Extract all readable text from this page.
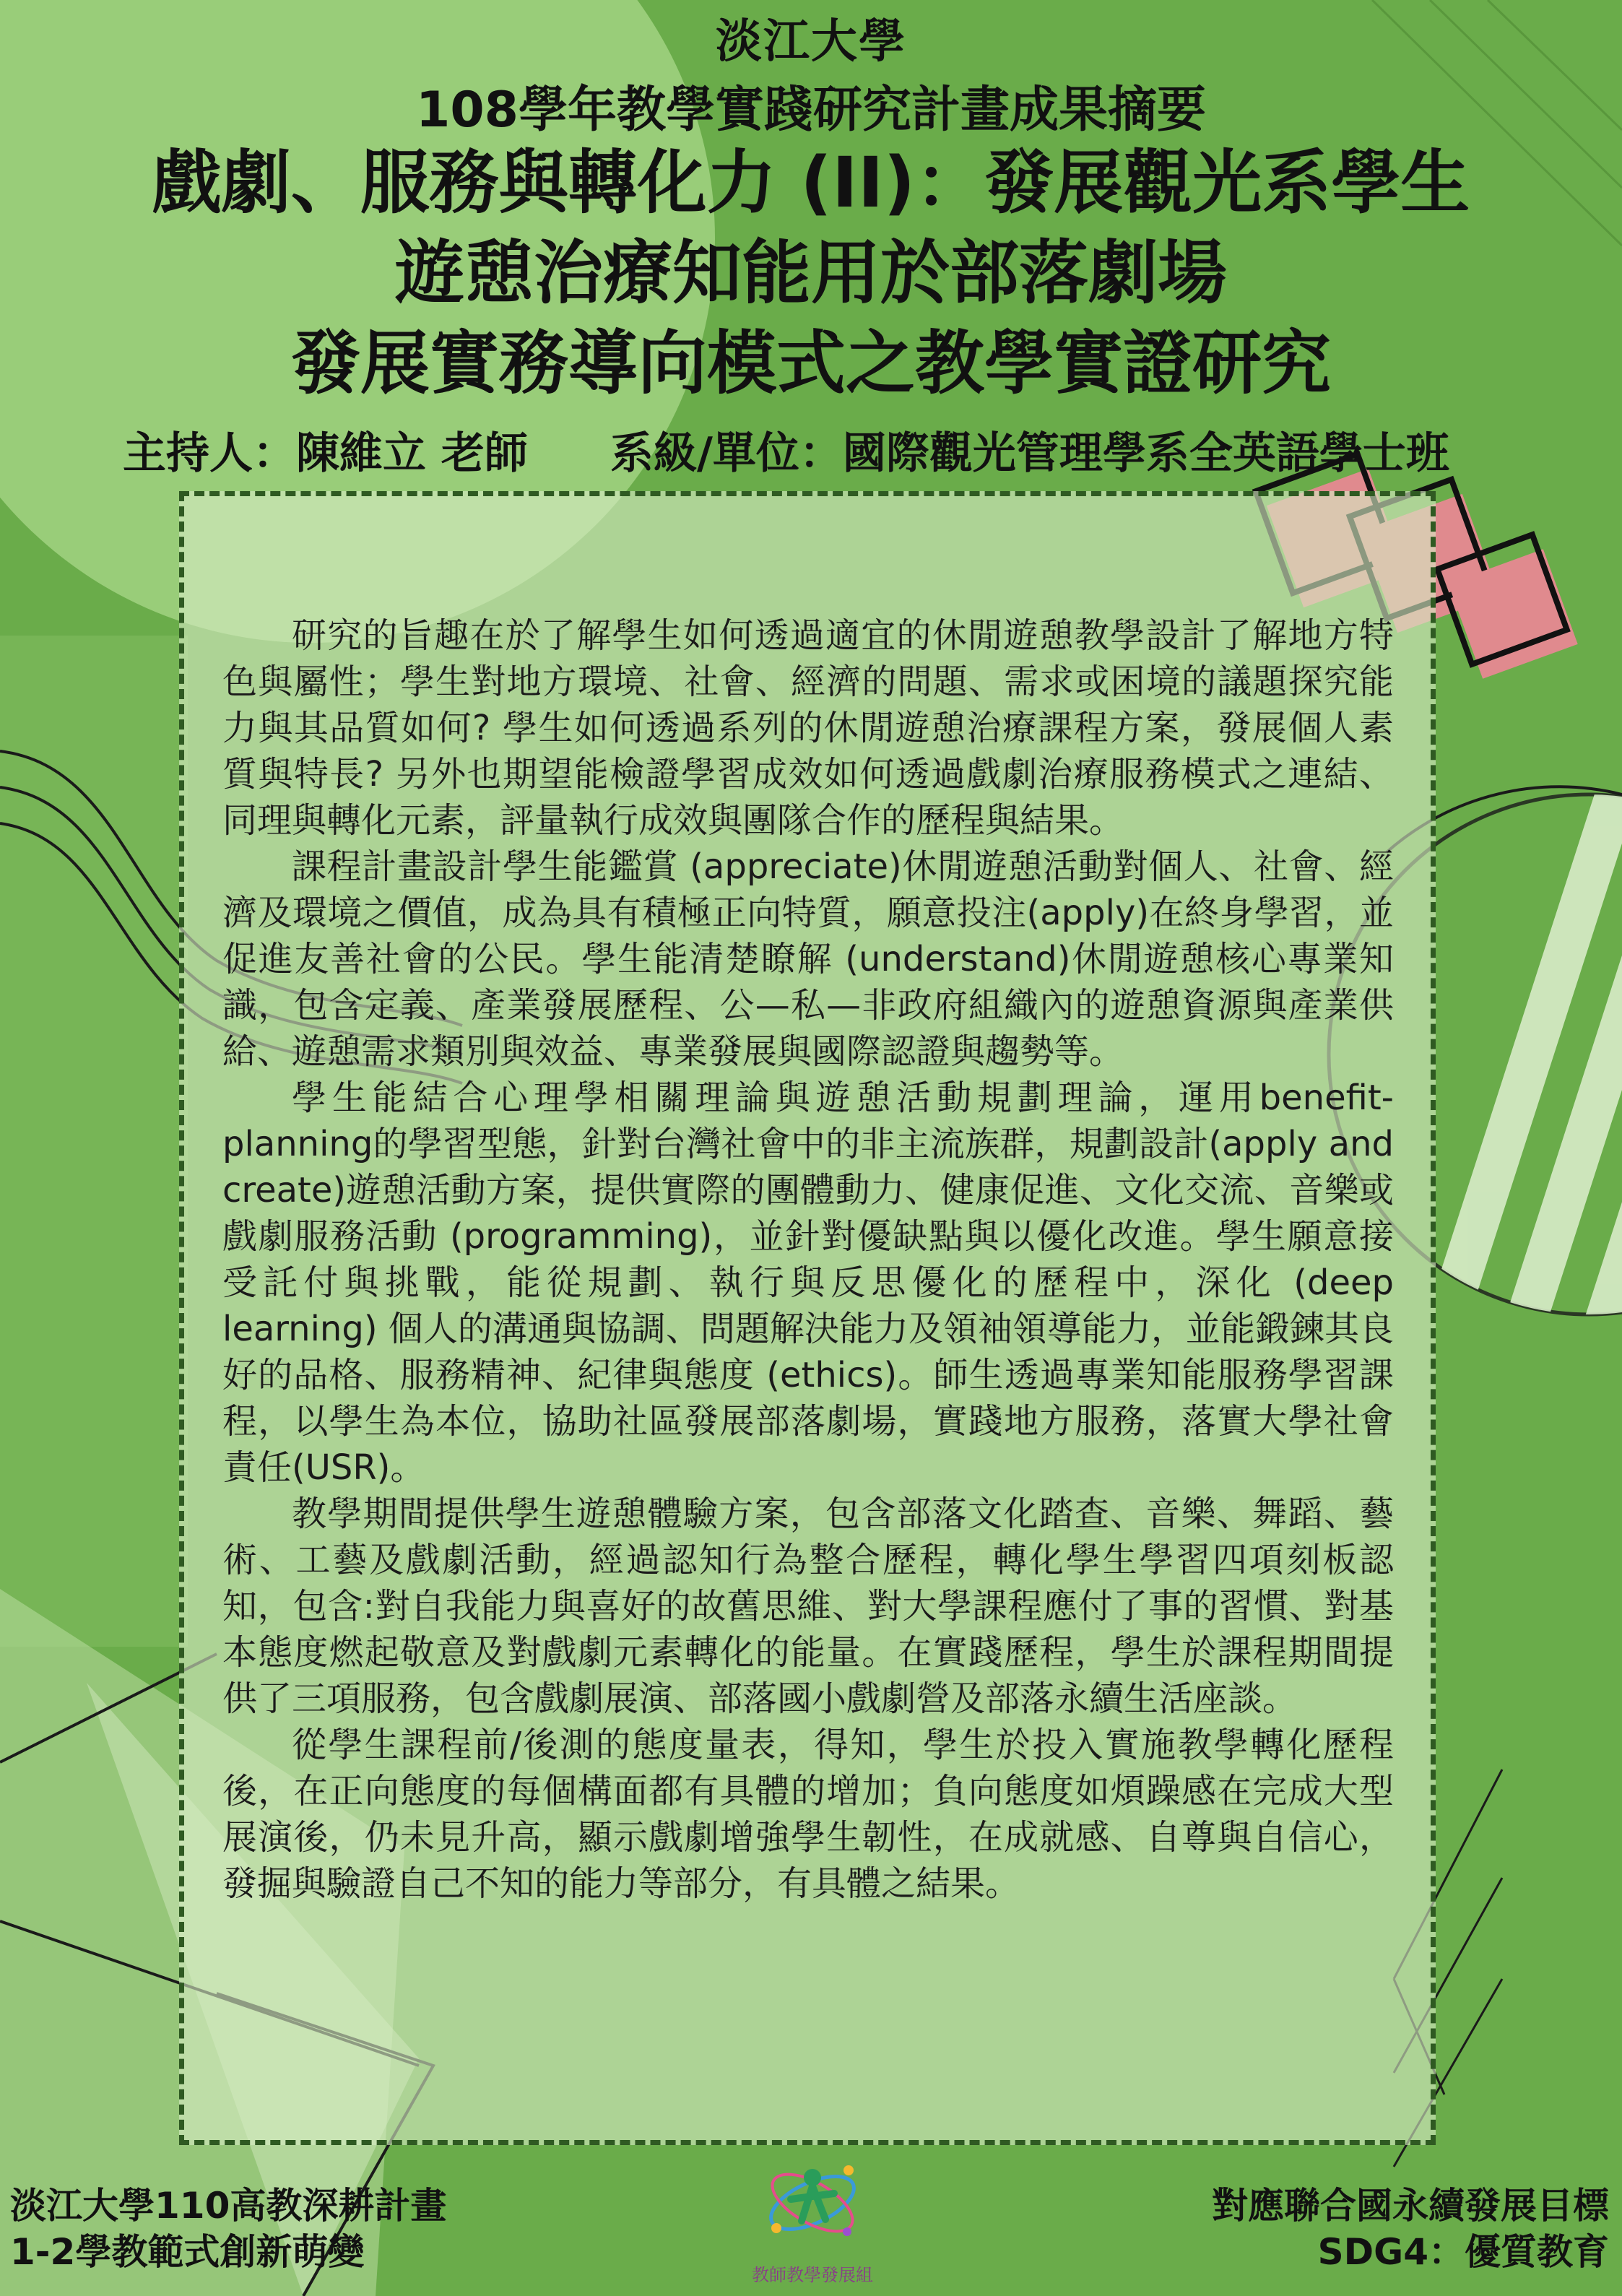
淡江大學
108學年教學實踐研究計畫成果摘要
戲劇、服務與轉化力 (II)：發展觀光系學生
遊憩治療知能用於部落劇場
發展實務導向模式之教學實證研究
主持人：陳維立 老師 系級/單位：國際觀光管理學系全英語學士班

研究的旨趣在於了解學生如何透過適宜的休閒遊憩教學設計了解地方特色與屬性；學生對地方環境、社會、經濟的問題、需求或困境的議題探究能力與其品質如何? 學生如何透過系列的休閒遊憩治療課程方案，發展個人素質與特長? 另外也期望能檢證學習成效如何透過戲劇治療服務模式之連結、同理與轉化元素，評量執行成效與團隊合作的歷程與結果。

課程計畫設計學生能鑑賞 (appreciate)休閒遊憩活動對個人、社會、經濟及環境之價值，成為具有積極正向特質，願意投注(apply)在終身學習，並促進友善社會的公民。學生能清楚瞭解 (understand)休閒遊憩核心專業知識，包含定義、產業發展歷程、公—私—非政府組織內的遊憩資源與產業供給、遊憩需求類別與效益、專業發展與國際認證與趨勢等。

學生能結合心理學相關理論與遊憩活動規劃理論，運用benefit-planning的學習型態，針對台灣社會中的非主流族群，規劃設計(apply and create)遊憩活動方案，提供實際的團體動力、健康促進、文化交流、音樂或戲劇服務活動 (programming)，並針對優缺點與以優化改進。學生願意接受託付與挑戰，能從規劃、執行與反思優化的歷程中，深化 (deep learning) 個人的溝通與協調、問題解決能力及領袖領導能力，並能鍛鍊其良好的品格、服務精神、紀律與態度 (ethics)。師生透過專業知能服務學習課程，以學生為本位，協助社區發展部落劇場，實踐地方服務，落實大學社會責任(USR)。

教學期間提供學生遊憩體驗方案，包含部落文化踏查、音樂、舞蹈、藝術、工藝及戲劇活動，經過認知行為整合歷程，轉化學生學習四項刻板認知，包含:對自我能力與喜好的故舊思維、對大學課程應付了事的習慣、對基本態度燃起敬意及對戲劇元素轉化的能量。在實踐歷程，學生於課程期間提供了三項服務，包含戲劇展演、部落國小戲劇營及部落永續生活座談。

從學生課程前/後測的態度量表，得知，學生於投入實施教學轉化歷程後，在正向態度的每個構面都有具體的增加；負向態度如煩躁感在完成大型展演後，仍未見升高，顯示戲劇增強學生韌性，在成就感、自尊與自信心，發掘與驗證自己不知的能力等部分，有具體之結果。

淡江大學110高教深耕計畫
1-2學教範式創新萌變
教師教學發展組
對應聯合國永續發展目標
SDG4：優質教育
